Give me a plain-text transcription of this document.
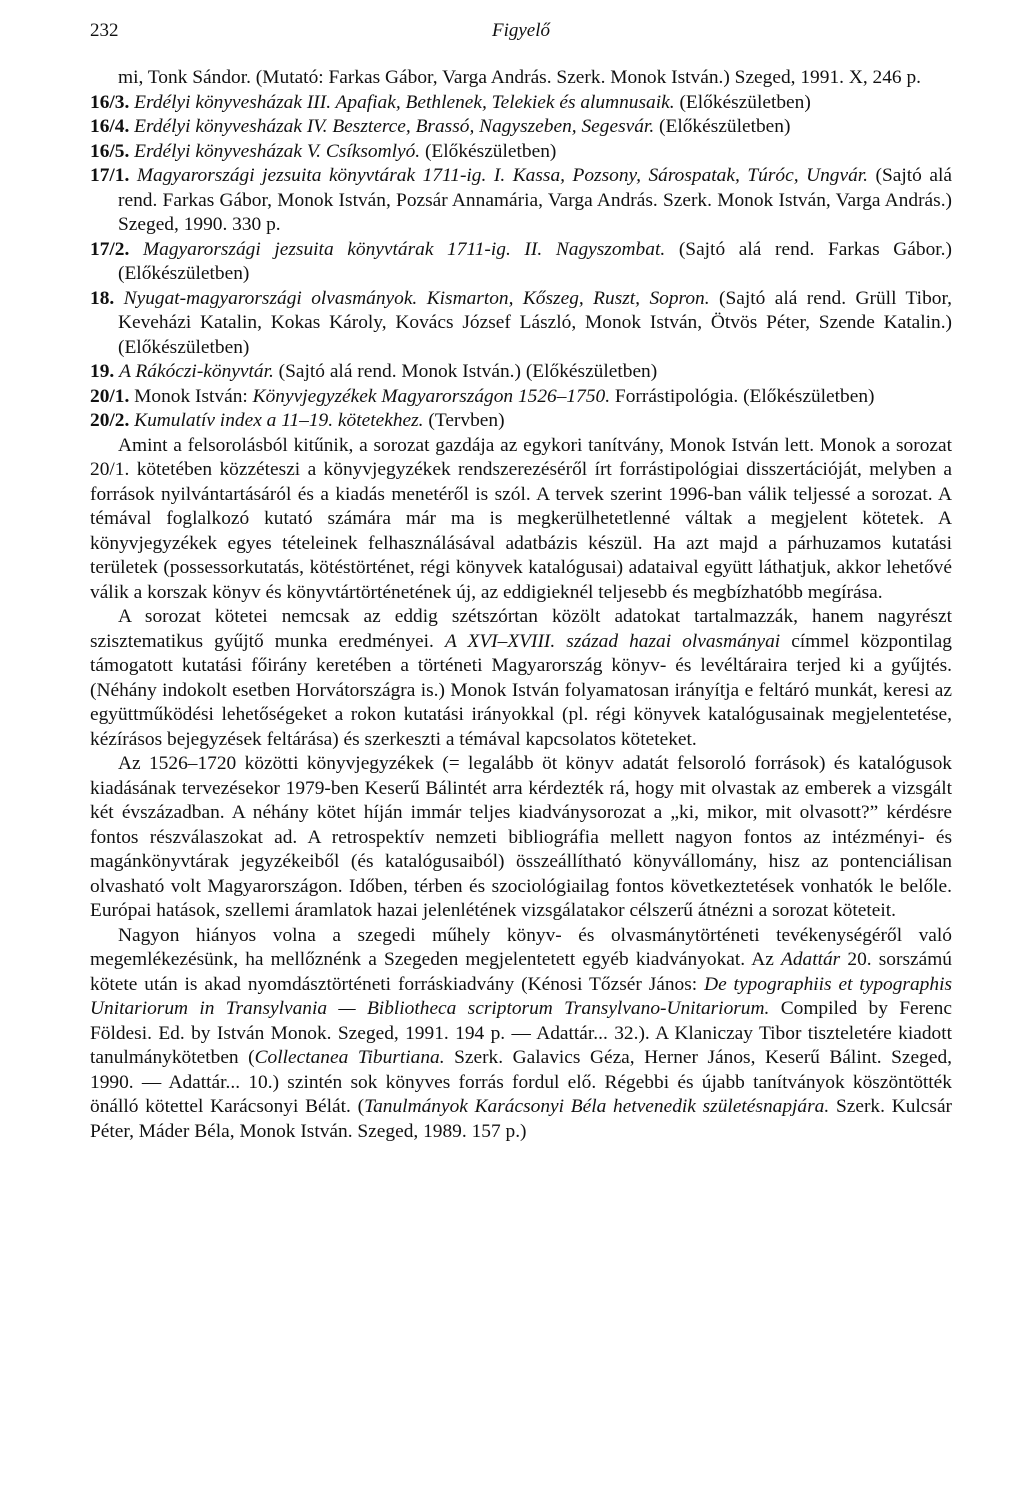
232	Figyelő
mi, Tonk Sándor. (Mutató: Farkas Gábor, Varga András. Szerk. Monok István.) Szeged, 1991. X, 246 p.
16/3. Erdélyi könyvesházak III. Apafiak, Bethlenek, Telekiek és alumnusaik. (Előkészületben)
16/4. Erdélyi könyvesházak IV. Beszterce, Brassó, Nagyszeben, Segesvár. (Előkészületben)
16/5. Erdélyi könyvesházak V. Csíksomlyó. (Előkészületben)
17/1. Magyarországi jezsuita könyvtárak 1711-ig. I. Kassa, Pozsony, Sárospatak, Túróc, Ungvár. (Sajtó alá rend. Farkas Gábor, Monok István, Pozsár Annamária, Varga András. Szerk. Monok István, Varga András.) Szeged, 1990. 330 p.
17/2. Magyarországi jezsuita könyvtárak 1711-ig. II. Nagyszombat. (Sajtó alá rend. Farkas Gábor.) (Előkészületben)
18. Nyugat-magyarországi olvasmányok. Kismarton, Kőszeg, Ruszt, Sopron. (Sajtó alá rend. Grüll Tibor, Keveházi Katalin, Kokas Károly, Kovács József László, Monok István, Ötvös Péter, Szende Katalin.) (Előkészületben)
19. A Rákóczi-könyvtár. (Sajtó alá rend. Monok István.) (Előkészületben)
20/1. Monok István: Könyvjegyzékek Magyarországon 1526–1750. Forrástipológia. (Előkészületben)
20/2. Kumulatív index a 11–19. kötetekhez. (Tervben)

Amint a felsorolásból kitűnik, a sorozat gazdája az egykori tanítvány, Monok István lett. Monok a sorozat 20/1. kötetében közzéteszi a könyvjegyzékek rendszerezéséről írt forrástipológiai disszertációját, melyben a források nyilvántartásáról és a kiadás menetéről is szól. A tervek szerint 1996-ban válik teljessé a sorozat. A témával foglalkozó kutató számára már ma is megkerülhetetlenné váltak a megjelent kötetek. A könyvjegyzékek egyes tételeinek felhasználásával adatbázis készül. Ha azt majd a párhuzamos kutatási területek (possessorkutatás, kötéstörténet, régi könyvek katalógusai) adataival együtt láthatjuk, akkor lehetővé válik a korszak könyv és könyvtártörténetének új, az eddigieknél teljesebb és megbízhatóbb megírása.

A sorozat kötetei nemcsak az eddig szétszórtan közölt adatokat tartalmazzák, hanem nagyrészt szisztematikus gyűjtő munka eredményei. A XVI–XVIII. század hazai olvasmányai címmel központilag támogatott kutatási főirány keretében a történeti Magyarország könyv- és levéltáraira terjed ki a gyűjtés. (Néhány indokolt esetben Horvátországra is.) Monok István folyamatosan irányítja e feltáró munkát, keresi az együttműködési lehetőségeket a rokon kutatási irányokkal (pl. régi könyvek katalógusainak megjelentetése, kézírásos bejegyzések feltárása) és szerkeszti a témával kapcsolatos köteteket.

Az 1526–1720 közötti könyvjegyzékek (= legalább öt könyv adatát felsoroló források) és katalógusok kiadásának tervezésekor 1979-ben Keserű Bálintét arra kérdezték rá, hogy mit olvastak az emberek a vizsgált két évszázadban. A néhány kötet híján immár teljes kiadványsorozat a „ki, mikor, mit olvasott?” kérdésre fontos részválaszokat ad. A retrospektív nemzeti bibliográfia mellett nagyon fontos az intézményi- és magánkönyvtárak jegyzékeiből (és katalógusaiból) összeállítható könyvállomány, hisz az pontenciálisan olvasható volt Magyarországon. Időben, térben és szociológiailag fontos következtetések vonhatók le belőle. Európai hatások, szellemi áramlatok hazai jelenlétének vizsgálatakor célszerű átnézni a sorozat köteteit.

Nagyon hiányos volna a szegedi műhely könyv- és olvasmánytörténeti tevékenységéről való megemlékezésünk, ha mellőznénk a Szegeden megjelentetett egyéb kiadványokat. Az Adattár 20. sorszámú kötete után is akad nyomdásztörténeti forráskiadvány (Kénosi Tőzsér János: De typographiis et typographis Unitariorum in Transylvania — Bibliotheca scriptorum Transylvano-Unitariorum. Compiled by Ferenc Földesi. Ed. by István Monok. Szeged, 1991. 194 p. — Adattár... 32.). A Klaniczay Tibor tiszteletére kiadott tanulmánykötetben (Collectanea Tiburtiana. Szerk. Galavics Géza, Herner János, Keserű Bálint. Szeged, 1990. — Adattár... 10.) szintén sok könyves forrás fordul elő. Régebbi és újabb tanítványok köszöntötték önálló kötettel Karácsonyi Bélát. (Tanulmányok Karácsonyi Béla hetvenedik születésnapjára. Szerk. Kulcsár Péter, Máder Béla, Monok István. Szeged, 1989. 157 p.)
